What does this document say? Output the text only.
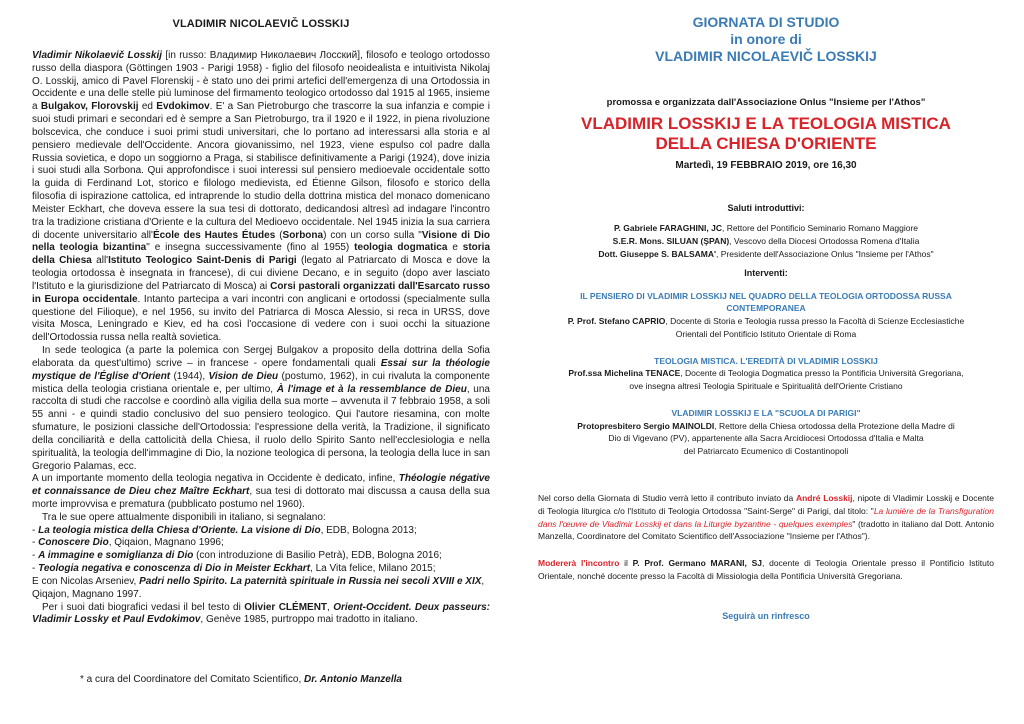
VLADIMIR NICOLAEVIČ LOSSKIJ

Vladimir Nikolaevič Losskij [in russo: Владимир Николаевич Лосский], filosofo e teologo ortodosso russo della diaspora (Göttingen 1903 - Parigi 1958) - figlio del filosofo neoidealista e intuitivista Nikolaj O. Losskij, amico di Pavel Florenskij - è stato uno dei primi artefici dell'emergenza di una Ortodossia in Occidente e una delle stelle più luminose del firmamento teologico ortodosso dal 1915 al 1965, insieme a Bulgakov, Florovskij ed Evdokimov. E' a San Pietroburgo che trascorre la sua infanzia e compie i suoi studi primari e secondari ed è sempre a San Pietroburgo, tra il 1920 e il 1922, in piena rivoluzione bolscevica, che conduce i suoi primi studi universitari, che lo portano ad interessarsi alla storia e al pensiero medievale dell'Occidente. Ancora giovanissimo, nel 1923, viene espulso col padre dalla Russia sovietica, e dopo un soggiorno a Praga, si stabilisce definitivamente a Parigi (1924), dove inizia i suoi studi alla Sorbona. Qui approfondisce i suoi interessi sul pensiero medioevale occidentale sotto la guida di Ferdinand Lot, storico e filologo medievista, ed Étienne Gilson, filosofo e storico della filosofia di ispirazione cattolica, ed intraprende lo studio della dottrina mistica del monaco domenicano Meister Eckhart, che doveva essere la sua tesi di dottorato, dedicandosi altresì ad indagare l'incontro tra la tradizione cristiana d'Oriente e la cultura del Medioevo occidentale. Nel 1945 inizia la sua carriera di docente universitario all'École des Hautes Études (Sorbona) con un corso sulla "Visione di Dio nella teologia bizantina" e insegna successivamente (fino al 1955) teologia dogmatica e storia della Chiesa all'Istituto Teologico Saint-Denis di Parigi (legato al Patriarcato di Mosca e dove la teologia ortodossa è insegnata in francese), di cui diviene Decano, e in seguito (dopo aver lasciato l'Istituto e la giurisdizione del Patriarcato di Mosca) ai Corsi pastorali organizzati dall'Esarcato russo in Europa occidentale. Intanto partecipa a vari incontri con anglicani e ortodossi (specialmente sulla questione del Filioque), e nel 1956, su invito del Patriarca di Mosca Alessio, si reca in URSS, dove visita Mosca, Leningrado e Kiev, ed ha così l'occasione di vedere con i suoi occhi la situazione dell'Ortodossia russa nella realtà sovietica.

In sede teologica (a parte la polemica con Sergej Bulgakov a proposito della dottrina della Sofia elaborata da quest'ultimo) scrive – in francese - opere fondamentali quali Essai sur la théologie mystique de l'Église d'Orient (1944), Vision de Dieu (postumo, 1962), in cui rivaluta la componente mistica della teologia cristiana orientale e, per ultimo, À l'image et à la ressemblance de Dieu, una raccolta di studi che raccolse e coordinò alla vigilia della sua morte – avvenuta il 7 febbraio 1958, a soli 55 anni - e quindi stadio conclusivo del suo pensiero teologico. Qui l'autore riesamina, con molte sfumature, le posizioni classiche dell'Ortodossia: l'espressione della verità, la Tradizione, il significato della conciliarità e della cattolicità della Chiesa, il ruolo dello Spirito Santo nell'ecclesiologia e nella spiritualità, la teologia dell'immagine di Dio, la nozione teologica di persona, la teologia della luce in san Gregorio Palamas, ecc.

A un importante momento della teologia negativa in Occidente è dedicato, infine, Théologie négative et connaissance de Dieu chez Maître Eckhart, sua tesi di dottorato mai discussa a causa della sua morte improvvisa e prematura (pubblicato postumo nel 1960).

Tra le sue opere attualmente disponibili in italiano, si segnalano:

- La teologia mistica della Chiesa d'Oriente. La visione di Dio, EDB, Bologna 2013;
- Conoscere Dio, Qiqaion, Magnano 1996;
- A immagine e somiglianza di Dio (con introduzione di Basilio Petrà), EDB, Bologna 2016;
- Teologia negativa e conoscenza di Dio in Meister Eckhart, La Vita felice, Milano 2015;
E con Nicolas Arseniev, Padri nello Spirito. La paternità spirituale in Russia nei secoli XVIII e XIX, Qiqajon, Magnano 1997.

Per i suoi dati biografici vedasi il bel testo di Olivier CLÉMENT, Orient-Occident. Deux passeurs: Vladimir Lossky et Paul Evdokimov, Genève 1985, purtroppo mai tradotto in italiano.

* a cura del Coordinatore del Comitato Scientifico, Dr. Antonio Manzella
GIORNATA DI STUDIO
in onore di
VLADIMIR NICOLAEVIČ LOSSKIJ
promossa e organizzata dall'Associazione Onlus "Insieme per l'Athos"
VLADIMIR LOSSKIJ E LA TEOLOGIA MISTICA
DELLA CHIESA D'ORIENTE
Martedì, 19 FEBBRAIO 2019, ore 16,30
Saluti introduttivi:
P. Gabriele FARAGHINI, JC, Rettore del Pontificio Seminario Romano Maggiore
S.E.R. Mons. SILUAN (ŞPAN), Vescovo della Diocesi Ortodossa Romena d'Italia
Dott. Giuseppe S. BALSAMA', Presidente dell'Associazione Onlus "Insieme per l'Athos"
Interventi:
IL PENSIERO DI VLADIMIR LOSSKIJ NEL QUADRO DELLA TEOLOGIA ORTODOSSA RUSSA
CONTEMPORANEA
P. Prof. Stefano CAPRIO, Docente di Storia e Teologia russa presso la Facoltà di Scienze Ecclesiastiche
Orientali del Pontificio Istituto Orientale di Roma
TEOLOGIA MISTICA. L'EREDITÀ DI VLADIMIR LOSSKIJ
Prof.ssa Michelina TENACE, Docente di Teologia Dogmatica presso la Pontificia Università Gregoriana,
ove insegna altresì Teologia Spirituale e Spiritualità dell'Oriente Cristiano
VLADIMIR LOSSKIJ E LA "SCUOLA DI PARIGI"
Protopresbitero Sergio MAINOLDI, Rettore della Chiesa ortodossa della Protezione della Madre di
Dio di Vigevano (PV), appartenente alla Sacra Arcidiocesi Ortodossa d'Italia e Malta
del Patriarcato Ecumenico di Costantinopoli
Nel corso della Giornata di Studio verrà letto il contributo inviato da André Losskij, nipote di Vladimir Losskij e Docente di Teologia liturgica c/o l'Istituto di Teologia Ortodossa "Saint-Serge" di Parigi, dal titolo: "La lumière de la Transfiguration dans l'œuvre de Vladimir Losskij et dans la Liturgie byzantine - quelques exemples" (tradotto in italiano dal Dott. Antonio Manzella, Coordinatore del Comitato Scientifico dell'Associazione "Insieme per l'Athos").
Modererà l'incontro il P. Prof. Germano MARANI, SJ, docente di Teologia Orientale presso il Pontificio Istituto Orientale, nonché docente presso la Facoltà di Missiologia della Pontificia Università Gregoriana.
Seguirà un rinfresco
